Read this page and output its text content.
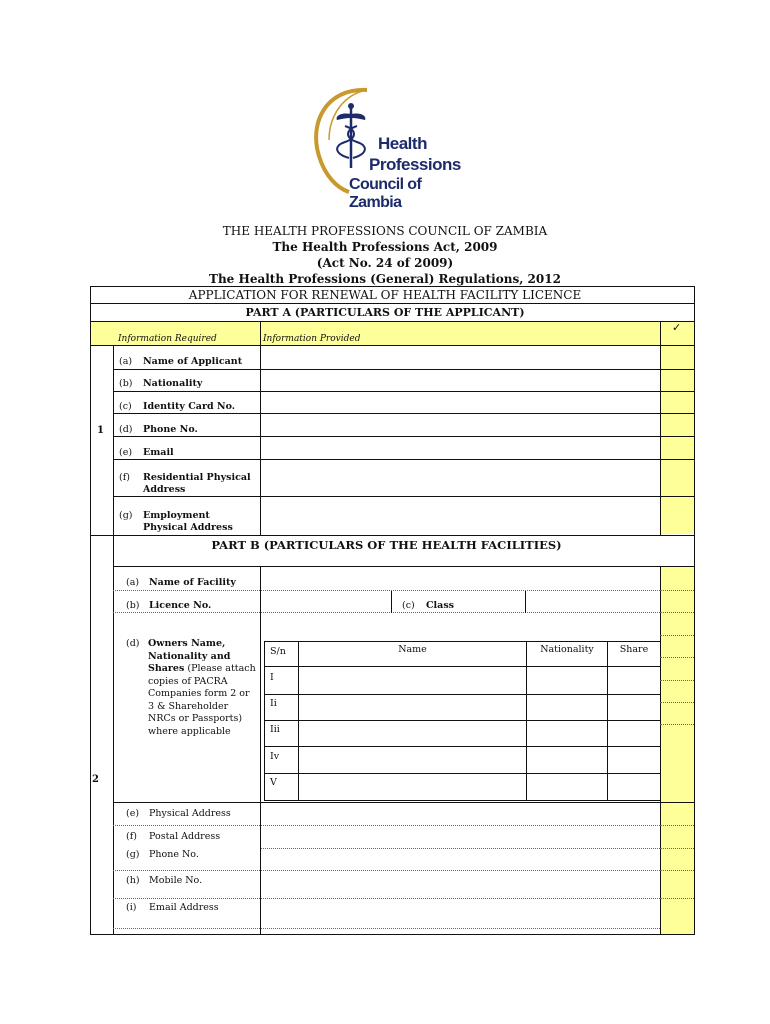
Health
Professions
Council of Zambia
THE HEALTH PROFESSIONS COUNCIL OF ZAMBIA
The Health Professions Act, 2009
(Act No. 24 of 2009)
The Health Professions (General) Regulations, 2012
APPLICATION FOR RENEWAL OF HEALTH FACILITY LICENCE
PART A (PARTICULARS OF THE APPLICANT)
Information Required	Information Provided
✓
1
(a) Name of Applicant
(b) Nationality
(c) Identity Card No.
(d) Phone No.
(e) Email
(f) Residential Physical Address
(g) Employment Physical Address
PART B (PARTICULARS OF THE HEALTH FACILITIES)
2
(a) Name of Facility
(b) Licence No.	(c) Class
(d) Owners Name, Nationality and Shares (Please attach copies of PACRA Companies form 2 or 3 & Shareholder NRCs or Passports) where applicable
S/n	Name	Nationality	Share
I
Ii
Iii
Iv
V
(e) Physical Address
(f) Postal Address
(g) Phone No.
(h) Mobile No.
(i) Email Address
